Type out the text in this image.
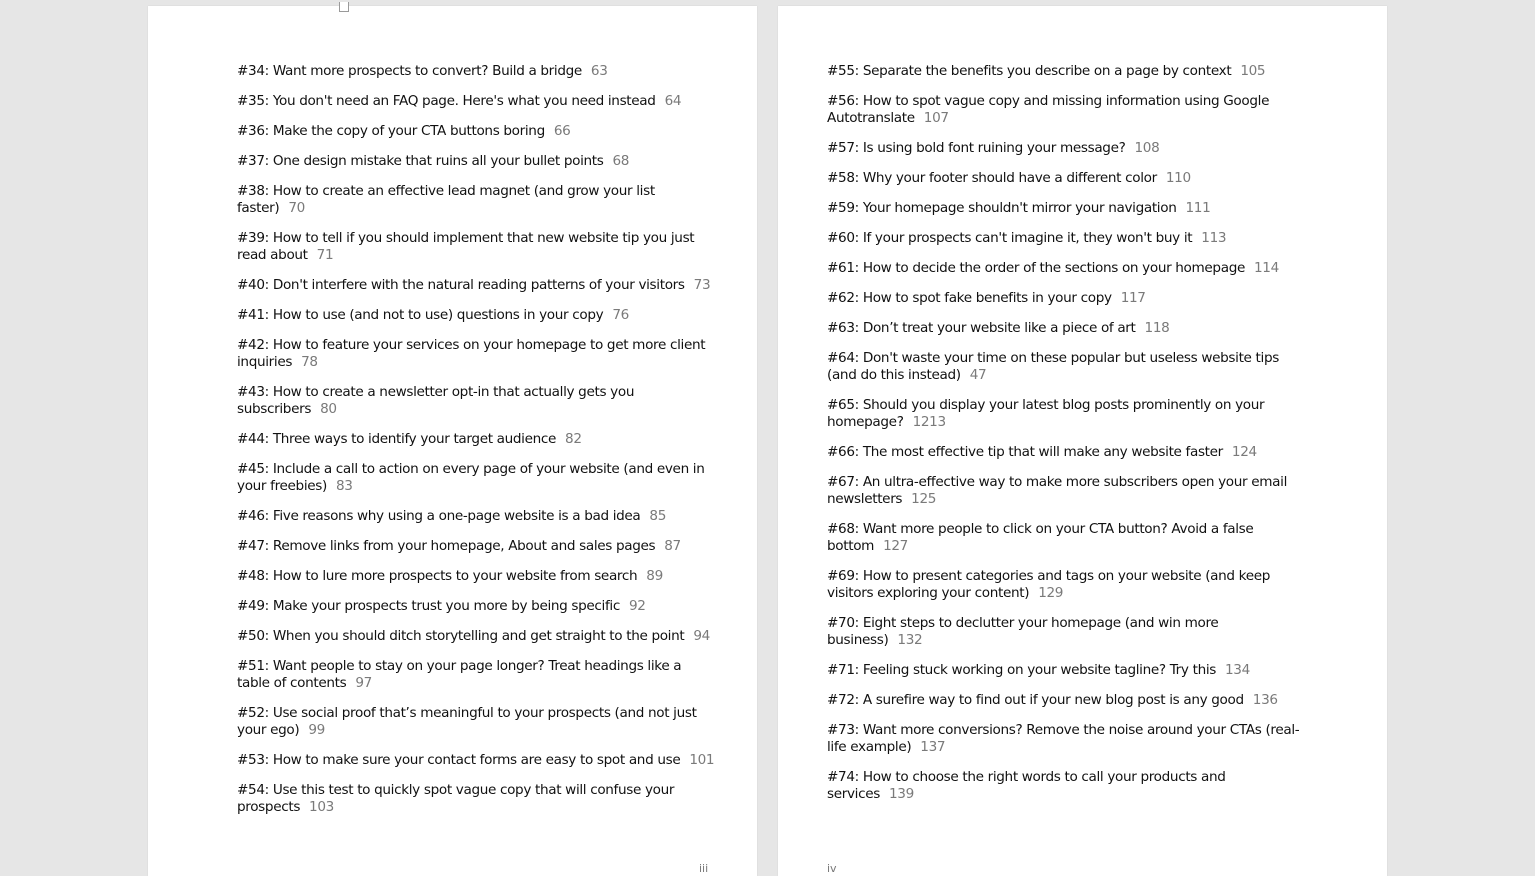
#34: Want more prospects to convert? Build a bridge 63
#35: You don't need an FAQ page. Here's what you need instead 64
#36: Make the copy of your CTA buttons boring 66
#37: One design mistake that ruins all your bullet points 68
#38: How to create an effective lead magnet (and grow your list faster) 70
#39: How to tell if you should implement that new website tip you just read about 71
#40: Don't interfere with the natural reading patterns of your visitors 73
#41: How to use (and not to use) questions in your copy 76
#42: How to feature your services on your homepage to get more client inquiries 78
#43: How to create a newsletter opt-in that actually gets you subscribers 80
#44: Three ways to identify your target audience 82
#45: Include a call to action on every page of your website (and even in your freebies) 83
#46: Five reasons why using a one-page website is a bad idea 85
#47: Remove links from your homepage, About and sales pages 87
#48: How to lure more prospects to your website from search 89
#49: Make your prospects trust you more by being specific 92
#50: When you should ditch storytelling and get straight to the point 94
#51: Want people to stay on your page longer? Treat headings like a table of contents 97
#52: Use social proof that’s meaningful to your prospects (and not just your ego) 99
#53: How to make sure your contact forms are easy to spot and use 101
#54: Use this test to quickly spot vague copy that will confuse your prospects 103
iii
#55: Separate the benefits you describe on a page by context 105
#56: How to spot vague copy and missing information using Google Autotranslate 107
#57: Is using bold font ruining your message? 108
#58: Why your footer should have a different color 110
#59: Your homepage shouldn't mirror your navigation 111
#60: If your prospects can't imagine it, they won't buy it 113
#61: How to decide the order of the sections on your homepage 114
#62: How to spot fake benefits in your copy 117
#63: Don’t treat your website like a piece of art 118
#64: Don't waste your time on these popular but useless website tips (and do this instead) 47
#65: Should you display your latest blog posts prominently on your homepage? 1213
#66: The most effective tip that will make any website faster 124
#67: An ultra-effective way to make more subscribers open your email newsletters 125
#68: Want more people to click on your CTA button? Avoid a false bottom 127
#69: How to present categories and tags on your website (and keep visitors exploring your content) 129
#70: Eight steps to declutter your homepage (and win more business) 132
#71: Feeling stuck working on your website tagline? Try this 134
#72: A surefire way to find out if your new blog post is any good 136
#73: Want more conversions? Remove the noise around your CTAs (real-life example) 137
#74: How to choose the right words to call your products and services 139
iv
